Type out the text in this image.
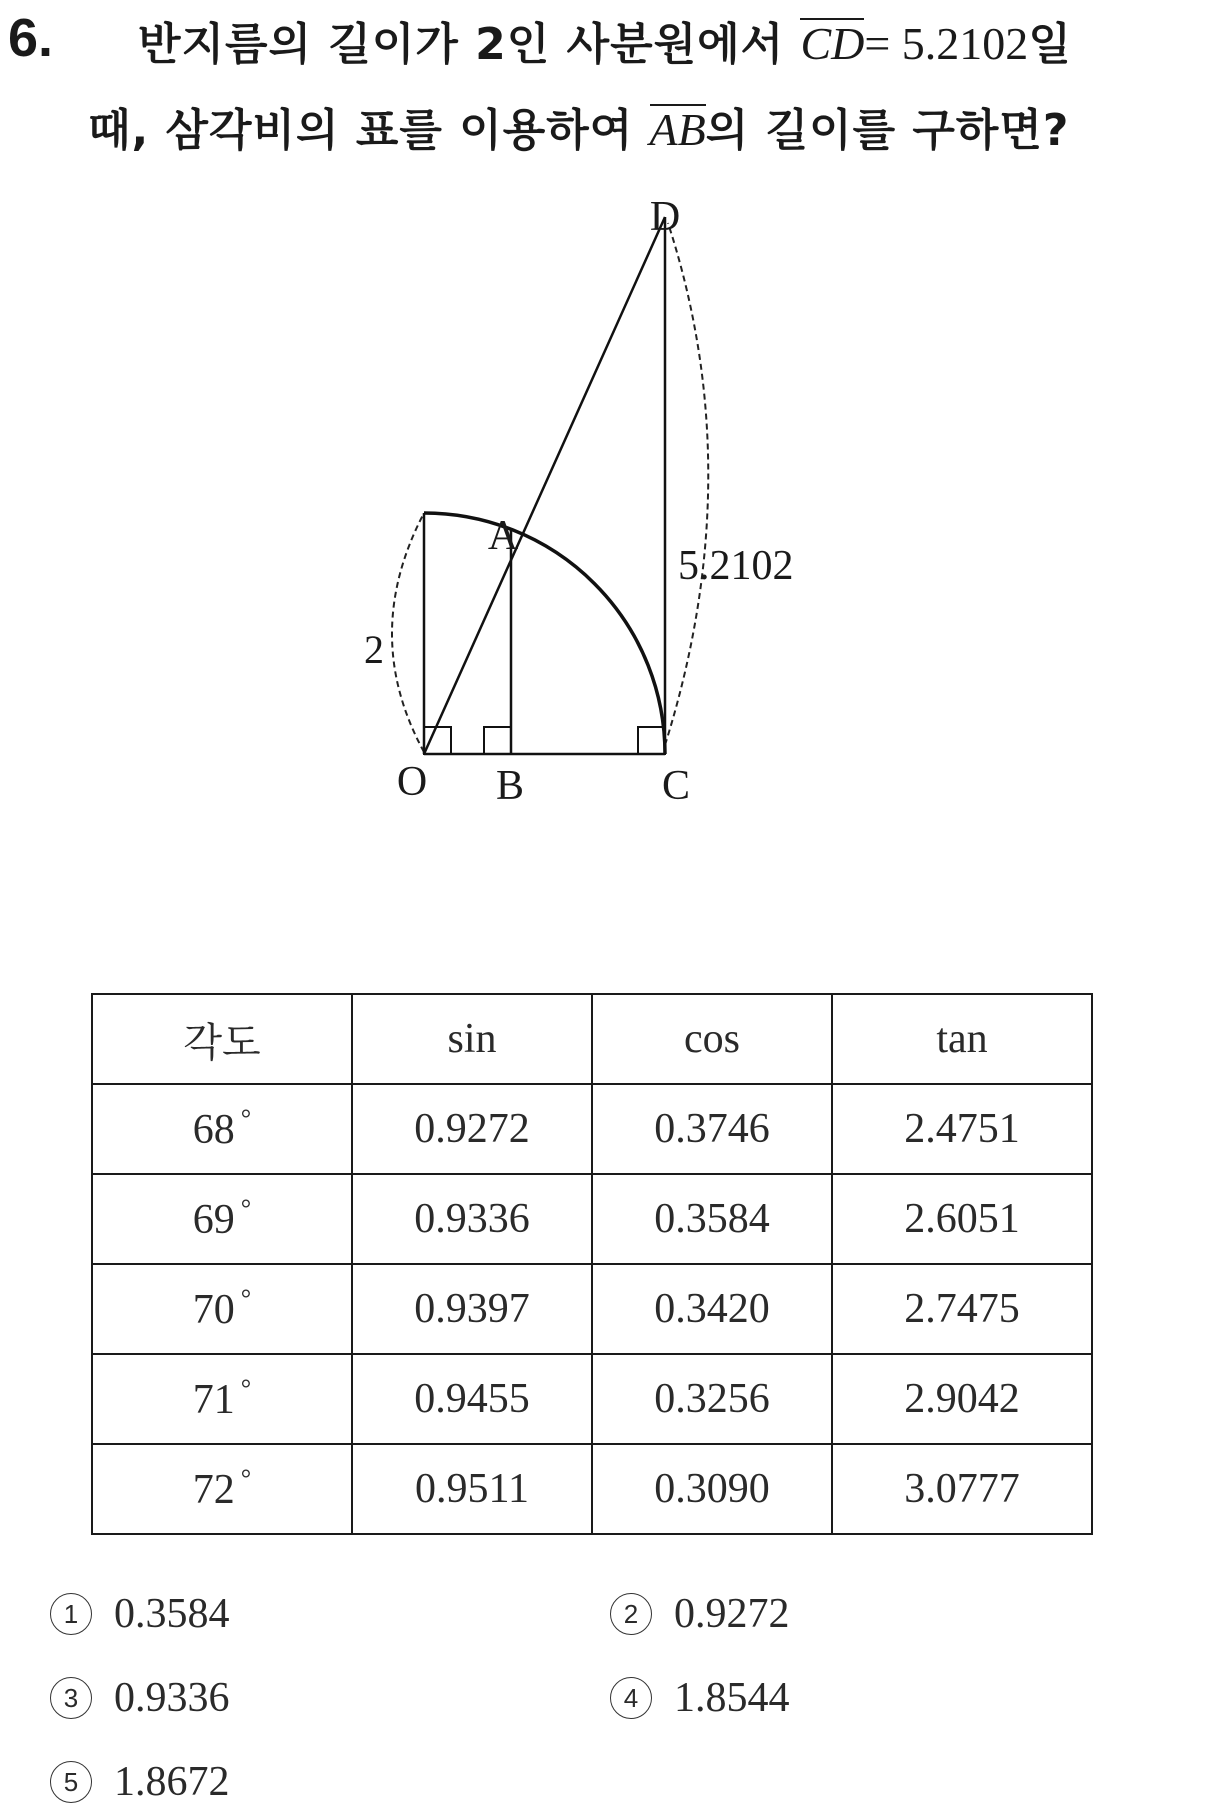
6. 반지름의 길이가 2인 사분원에서 CD= 5.2102일
때, 삼각비의 표를 이용하여 AB의 길이를 구하면?
D
A
O B	C
2
5.2102
각도	sin	cos	tan
68 °	0.9272	0.3746	2.4751
69 °	0.9336	0.3584	2.6051
70 °	0.9397	0.3420	2.7475
71 °	0.9455	0.3256	2.9042
72 °	0.9511	0.3090	3.0777
1 0.3584	2 0.9272
3 0.9336	4 1.8544
5 1.8672
